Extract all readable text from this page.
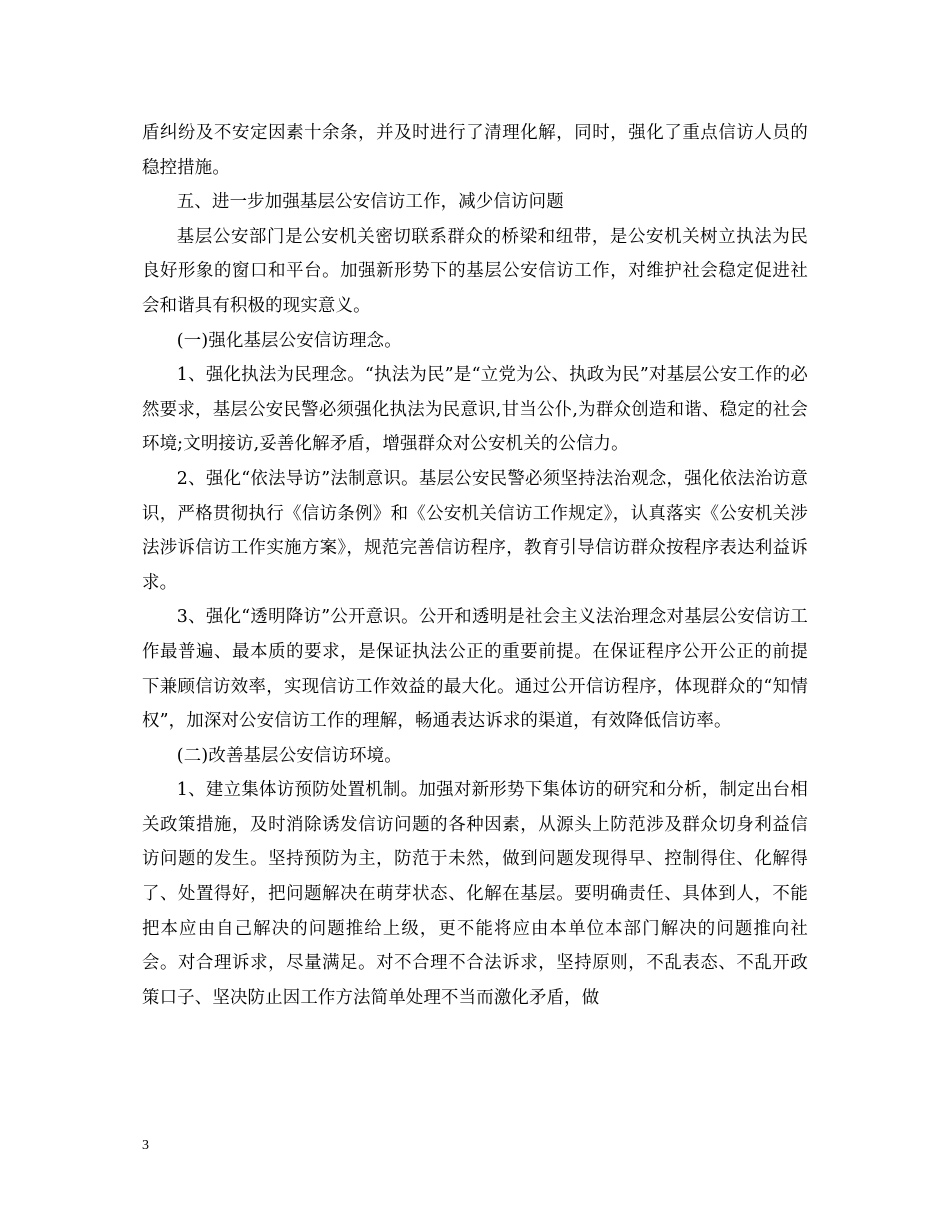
盾纠纷及不安定因素十余条，并及时进行了清理化解，同时，强化了重点信访人员的稳控措施。

五、进一步加强基层公安信访工作，减少信访问题

基层公安部门是公安机关密切联系群众的桥梁和纽带，是公安机关树立执法为民良好形象的窗口和平台。加强新形势下的基层公安信访工作，对维护社会稳定促进社会和谐具有积极的现实意义。

(一)强化基层公安信访理念。

1、强化执法为民理念。“执法为民”是“立党为公、执政为民”对基层公安工作的必然要求，基层公安民警必须强化执法为民意识,甘当公仆,为群众创造和谐、稳定的社会环境;文明接访,妥善化解矛盾，增强群众对公安机关的公信力。

2、强化“依法导访”法制意识。基层公安民警必须坚持法治观念，强化依法治访意识，严格贯彻执行《信访条例》和《公安机关信访工作规定》，认真落实《公安机关涉法涉诉信访工作实施方案》，规范完善信访程序，教育引导信访群众按程序表达利益诉求。

3、强化“透明降访”公开意识。公开和透明是社会主义法治理念对基层公安信访工作最普遍、最本质的要求，是保证执法公正的重要前提。在保证程序公开公正的前提下兼顾信访效率，实现信访工作效益的最大化。通过公开信访程序，体现群众的“知情权”，加深对公安信访工作的理解，畅通表达诉求的渠道，有效降低信访率。

(二)改善基层公安信访环境。

1、建立集体访预防处置机制。加强对新形势下集体访的研究和分析，制定出台相关政策措施，及时消除诱发信访问题的各种因素，从源头上防范涉及群众切身利益信访问题的发生。坚持预防为主，防范于未然，做到问题发现得早、控制得住、化解得了、处置得好，把问题解决在萌芽状态、化解在基层。要明确责任、具体到人，不能把本应由自己解决的问题推给上级，更不能将应由本单位本部门解决的问题推向社会。对合理诉求，尽量满足。对不合理不合法诉求，坚持原则，不乱表态、不乱开政策口子、坚决防止因工作方法简单处理不当而激化矛盾，做

3
